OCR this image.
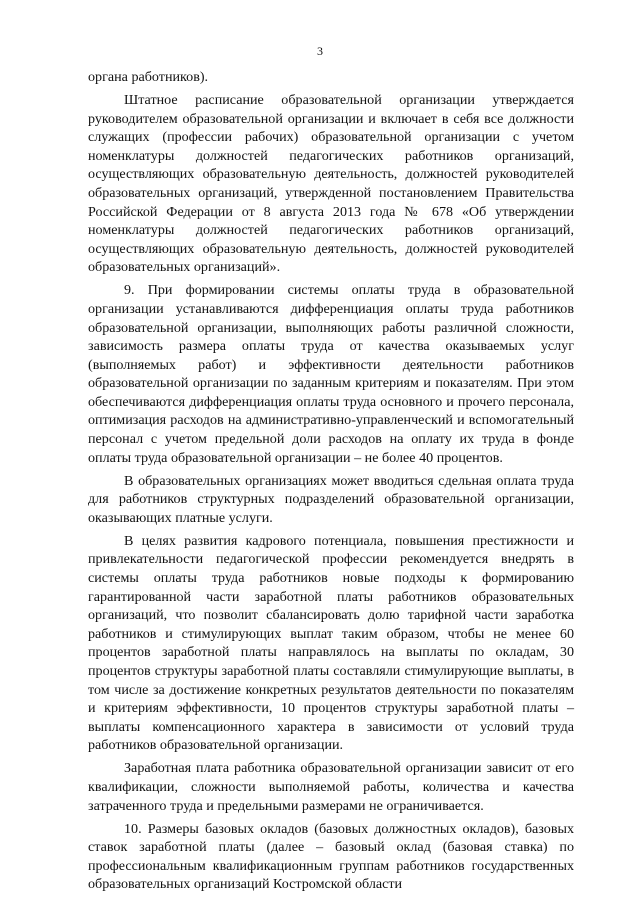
3

органа работников).

Штатное расписание образовательной организации утверждается руководителем образовательной организации и включает в себя все должности служащих (профессии рабочих) образовательной организации с учетом номенклатуры должностей педагогических работников организаций, осуществляющих образовательную деятельность, должностей руководителей образовательных организаций, утвержденной постановлением Правительства Российской Федерации от 8 августа 2013 года № 678 «Об утверждении номенклатуры должностей педагогических работников организаций, осуществляющих образовательную деятельность, должностей руководителей образовательных организаций».

9. При формировании системы оплаты труда в образовательной организации устанавливаются дифференциация оплаты труда работников образовательной организации, выполняющих работы различной сложности, зависимость размера оплаты труда от качества оказываемых услуг (выполняемых работ) и эффективности деятельности работников образовательной организации по заданным критериям и показателям. При этом обеспечиваются дифференциация оплаты труда основного и прочего персонала, оптимизация расходов на административно-управленческий и вспомогательный персонал с учетом предельной доли расходов на оплату их труда в фонде оплаты труда образовательной организации – не более 40 процентов.

В образовательных организациях может вводиться сдельная оплата труда для работников структурных подразделений образовательной организации, оказывающих платные услуги.

В целях развития кадрового потенциала, повышения престижности и привлекательности педагогической профессии рекомендуется внедрять в системы оплаты труда работников новые подходы к формированию гарантированной части заработной платы работников образовательных организаций, что позволит сбалансировать долю тарифной части заработка работников и стимулирующих выплат таким образом, чтобы не менее 60 процентов заработной платы направлялось на выплаты по окладам, 30 процентов структуры заработной платы составляли стимулирующие выплаты, в том числе за достижение конкретных результатов деятельности по показателям и критериям эффективности, 10 процентов структуры заработной платы – выплаты компенсационного характера в зависимости от условий труда работников образовательной организации.

Заработная плата работника образовательной организации зависит от его квалификации, сложности выполняемой работы, количества и качества затраченного труда и предельными размерами не ограничивается.

10. Размеры базовых окладов (базовых должностных окладов), базовых ставок заработной платы (далее – базовый оклад (базовая ставка) по профессиональным квалификационным группам работников государственных образовательных организаций Костромской области
